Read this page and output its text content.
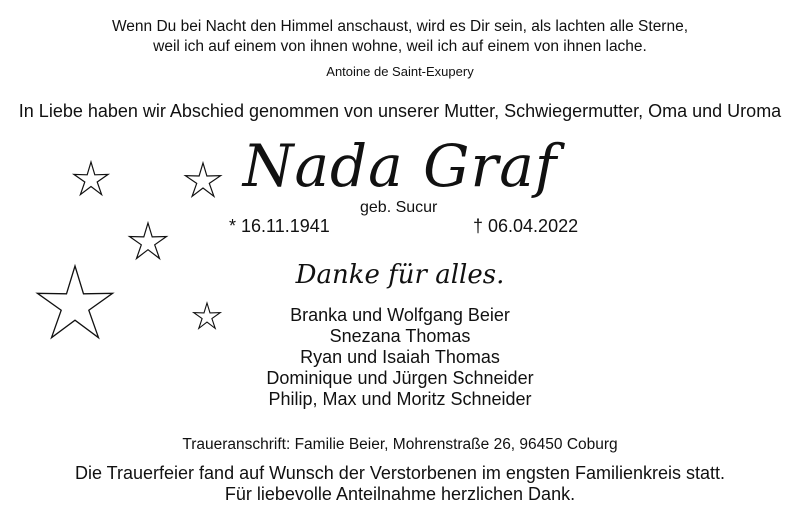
Wenn Du bei Nacht den Himmel anschaust, wird es Dir sein, als lachten alle Sterne,
weil ich auf einem von ihnen wohne, weil ich auf einem von ihnen lache.
Antoine de Saint-Exupery
In Liebe haben wir Abschied genommen von unserer Mutter, Schwiegermutter, Oma und Uroma
Nada Graf
geb. Sucur
* 16.11.1941	† 06.04.2022
Danke für alles.
Branka und Wolfgang Beier
Snezana Thomas
Ryan und Isaiah Thomas
Dominique und Jürgen Schneider
Philip, Max und Moritz Schneider
Traueranschrift: Familie Beier, Mohrenstraße 26, 96450 Coburg
Die Trauerfeier fand auf Wunsch der Verstorbenen im engsten Familienkreis statt.
Für liebevolle Anteilnahme herzlichen Dank.
